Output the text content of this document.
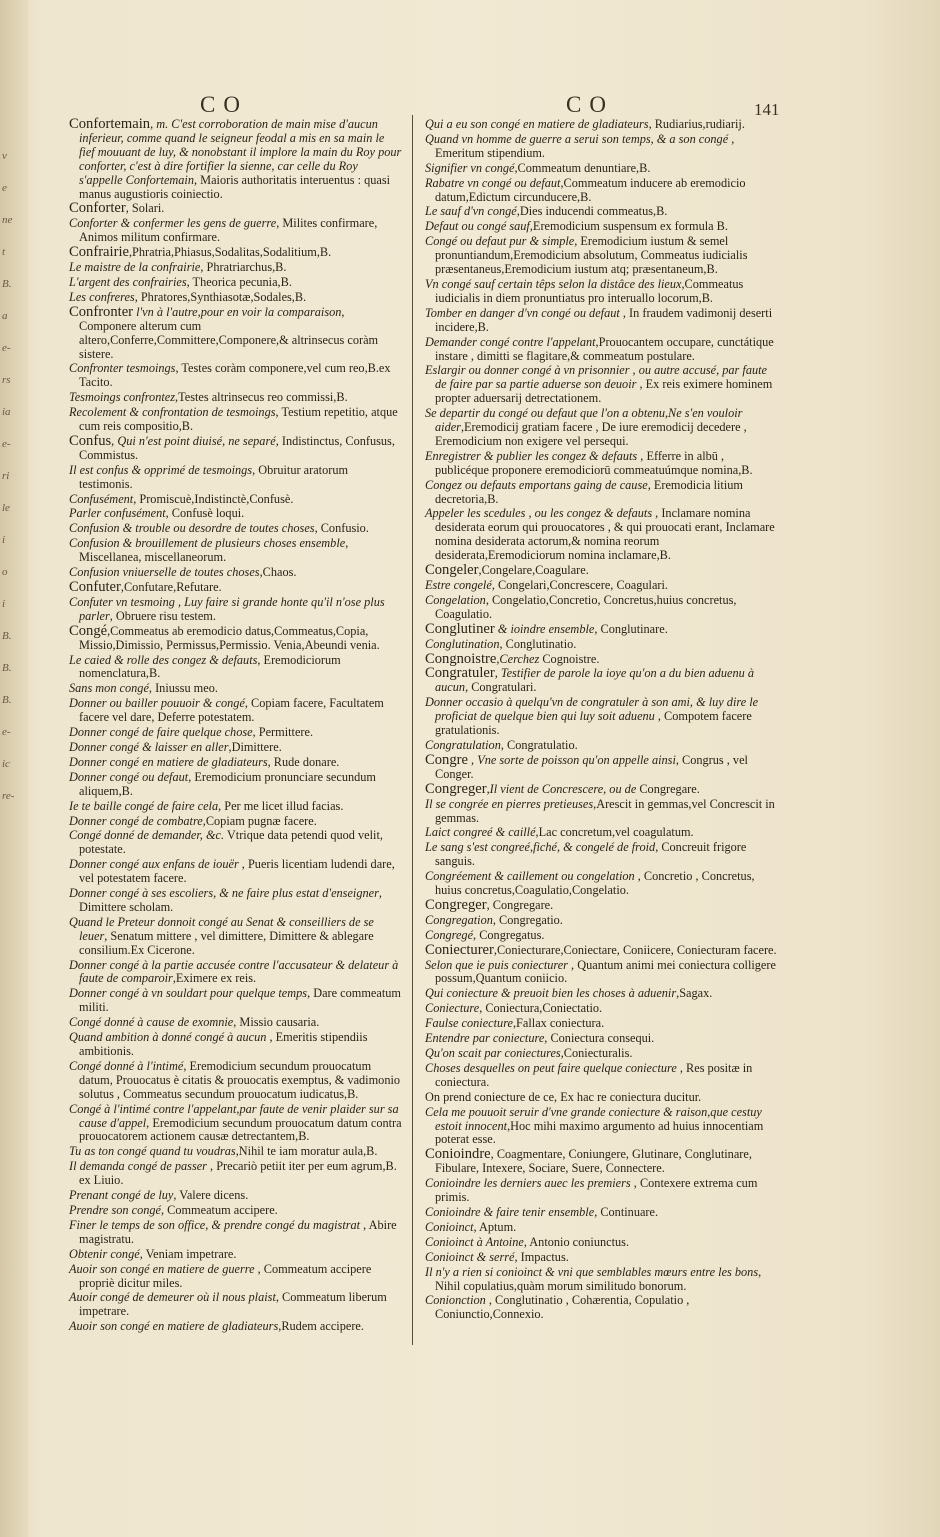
v
e
ne
t
B.
a
e-
rs
ia
e-
ri
le
i
o
i
B.
B.
B.
e-
ic
re-
CO	CO	141
Confortemain, m. C'est corroboration de main mise d'aucun inferieur, comme quand le seigneur feodal a mis en sa main le fief mouuant de luy, & nonobstant il implore la main du Roy pour conforter, c'est à dire fortifier la sienne, car celle du Roy s'appelle Confortemain, Maioris authoritatis interuentus : quasi manus augustioris coiniectio.
Conforter, Solari.
Conforter & confermer les gens de guerre, Milites confirmare, Animos militum confirmare.
Confrairie,Phratria,Phiasus,Sodalitas,Sodalitium,B.
Le maistre de la confrairie, Phratriarchus,B.
L'argent des confrairies, Theorica pecunia,B.
Les confreres, Phratores,Synthiasotæ,Sodales,B.
Confronter l'vn à l'autre,pour en voir la comparaison, Componere alterum cum altero,Conferre,Committere,Componere,& altrinsecus coràm sistere.
Confronter tesmoings, Testes coràm componere,vel cum reo,B.ex Tacito.
Tesmoings confrontez,Testes altrinsecus reo commissi,B.
Recolement & confrontation de tesmoings, Testium repetitio, atque cum reis compositio,B.
Confus, Qui n'est point diuisé, ne separé, Indistinctus, Confusus, Commistus.
Il est confus & opprimé de tesmoings, Obruitur aratorum testimonis.
Confusément, Promiscuè,Indistinctè,Confusè.
Parler confusément, Confusè loqui.
Confusion & trouble ou desordre de toutes choses, Confusio.
Confusion & brouillement de plusieurs choses ensemble, Miscellanea, miscellaneorum.
Confusion vniuerselle de toutes choses,Chaos.
Confuter,Confutare,Refutare.
Confuter vn tesmoing , Luy faire si grande honte qu'il n'ose plus parler, Obruere risu testem.
Congé,Commeatus ab eremodicio datus,Commeatus,Copia, Missio,Dimissio, Permissus,Permissio. Venia,Abeundi venia.
Le caied & rolle des congez & defauts, Eremodiciorum nomenclatura,B.
Sans mon congé, Iniussu meo.
Donner ou bailler pouuoir & congé, Copiam facere, Facultatem facere vel dare, Deferre potestatem.
Donner congé de faire quelque chose, Permittere.
Donner congé & laisser en aller,Dimittere.
Donner congé en matiere de gladiateurs, Rude donare.
Donner congé ou defaut, Eremodicium pronunciare secundum aliquem,B.
Ie te baille congé de faire cela, Per me licet illud facias.
Donner congé de combatre,Copiam pugnæ facere.
Congé donné de demander, &c. Vtrique data petendi quod velit, potestate.
Donner congé aux enfans de iouër , Pueris licentiam ludendi dare, vel potestatem facere.
Donner congé à ses escoliers, & ne faire plus estat d'enseigner, Dimittere scholam.
Quand le Preteur donnoit congé au Senat & conseilliers de se leuer, Senatum mittere , vel dimittere, Dimittere & ablegare consilium.Ex Cicerone.
Donner congé à la partie accusée contre l'accusateur & delateur à faute de comparoir,Eximere ex reis.
Donner congé à vn souldart pour quelque temps, Dare commeatum militi.
Congé donné à cause de exomnie, Missio causaria.
Quand ambition à donné congé à aucun , Emeritis stipendiis ambitionis.
Congé donné à l'intimé, Eremodicium secundum prouocatum datum, Prouocatus è citatis & prouocatis exemptus, & vadimonio solutus , Commeatus secundum prouocatum iudicatus,B.
Congé à l'intimé contre l'appelant,par faute de venir plaider sur sa cause d'appel, Eremodicium secundum prouocatum datum contra prouocatorem actionem causæ detrectantem,B.
Tu as ton congé quand tu voudras,Nihil te iam moratur aula,B.
Il demanda congé de passer , Precariò petiit iter per eum agrum,B. ex Liuio.
Prenant congé de luy, Valere dicens.
Prendre son congé, Commeatum accipere.
Finer le temps de son office, & prendre congé du magistrat , Abire magistratu.
Obtenir congé, Veniam impetrare.
Auoir son congé en matiere de guerre , Commeatum accipere propriè dicitur miles.
Auoir congé de demeurer où il nous plaist, Commeatum liberum impetrare.
Auoir son congé en matiere de gladiateurs,Rudem accipere.
Qui a eu son congé en matiere de gladiateurs, Rudiarius,rudiarij.
Quand vn homme de guerre a serui son temps, & a son congé , Emeritum stipendium.
Signifier vn congé,Commeatum denuntiare,B.
Rabatre vn congé ou defaut,Commeatum inducere ab eremodicio datum,Edictum circunducere,B.
Le sauf d'vn congé,Dies inducendi commeatus,B.
Defaut ou congé sauf,Eremodicium suspensum ex formula B.
Congé ou defaut pur & simple, Eremodicium iustum & semel pronuntiandum,Eremodicium absolutum, Commeatus iudicialis præsentaneus,Eremodicium iustum atq; præsentaneum,B.
Vn congé sauf certain têps selon la distâce des lieux,Commeatus iudicialis in diem pronuntiatus pro interuallo locorum,B.
Tomber en danger d'vn congé ou defaut , In fraudem vadimonij deserti incidere,B.
Demander congé contre l'appelant,Prouocantem occupare, cunctátique instare , dimitti se flagitare,& commeatum postulare.
Eslargir ou donner congé à vn prisonnier , ou autre accusé, par faute de faire par sa partie aduerse son deuoir , Ex reis eximere hominem propter aduersarij detrectationem.
Se departir du congé ou defaut que l'on a obtenu,Ne s'en vouloir aider,Eremodicij gratiam facere , De iure eremodicij decedere , Eremodicium non exigere vel persequi.
Enregistrer & publier les congez & defauts , Efferre in albū , publicéque proponere eremodiciorū commeatuúmque nomina,B.
Congez ou defauts emportans gaing de cause, Eremodicia litium decretoria,B.
Appeler les scedules , ou les congez & defauts , Inclamare nomina desiderata eorum qui prouocatores , & qui prouocati erant, Inclamare nomina desiderata actorum,& nomina reorum desiderata,Eremodiciorum nomina inclamare,B.
Congeler,Congelare,Coagulare.
Estre congelé, Congelari,Concrescere, Coagulari.
Congelation, Congelatio,Concretio, Concretus,huius concretus, Coagulatio.
Conglutiner & ioindre ensemble, Conglutinare.
Conglutination, Conglutinatio.
Congnoistre,Cerchez Cognoistre.
Congratuler, Testifier de parole la ioye qu'on a du bien aduenu à aucun, Congratulari.
Donner occasio à quelqu'vn de congratuler à son ami, & luy dire le proficiat de quelque bien qui luy soit aduenu , Compotem facere gratulationis.
Congratulation, Congratulatio.
Congre , Vne sorte de poisson qu'on appelle ainsi, Congrus , vel Conger.
Congreger,Il vient de Concrescere, ou de Congregare.
Il se congrée en pierres pretieuses,Arescit in gemmas,vel Concrescit in gemmas.
Laict congreé & caillé,Lac concretum,vel coagulatum.
Le sang s'est congreé,fiché, & congelé de froid, Concreuit frigore sanguis.
Congréement & caillement ou congelation , Concretio , Concretus, huius concretus,Coagulatio,Congelatio.
Congreger, Congregare.
Congregation, Congregatio.
Congregé, Congregatus.
Coniecturer,Coniecturare,Coniectare, Coniicere, Coniecturam facere.
Selon que ie puis coniecturer , Quantum animi mei coniectura colligere possum,Quantum coniicio.
Qui coniecture & preuoit bien les choses à aduenir,Sagax.
Coniecture, Coniectura,Coniectatio.
Faulse coniecture,Fallax coniectura.
Entendre par coniecture, Coniectura consequi.
Qu'on scait par coniectures,Coniecturalis.
Choses desquelles on peut faire quelque coniecture , Res positæ in coniectura.
On prend coniecture de ce, Ex hac re coniectura ducitur.
Cela me pouuoit seruir d'vne grande coniecture & raison,que cestuy estoit innocent,Hoc mihi maximo argumento ad huius innocentiam poterat esse.
Conioindre, Coagmentare, Coniungere, Glutinare, Conglutinare, Fibulare, Intexere, Sociare, Suere, Connectere.
Conioindre les derniers auec les premiers , Contexere extrema cum primis.
Conioindre & faire tenir ensemble, Continuare.
Conioinct, Aptum.
Conioinct à Antoine, Antonio coniunctus.
Conioinct & serré, Impactus.
Il n'y a rien si conioinct & vni que semblables mœurs entre les bons, Nihil copulatius,quàm morum similitudo bonorum.
Conionction , Conglutinatio , Cohærentia, Copulatio , Coniunctio,Connexio.
